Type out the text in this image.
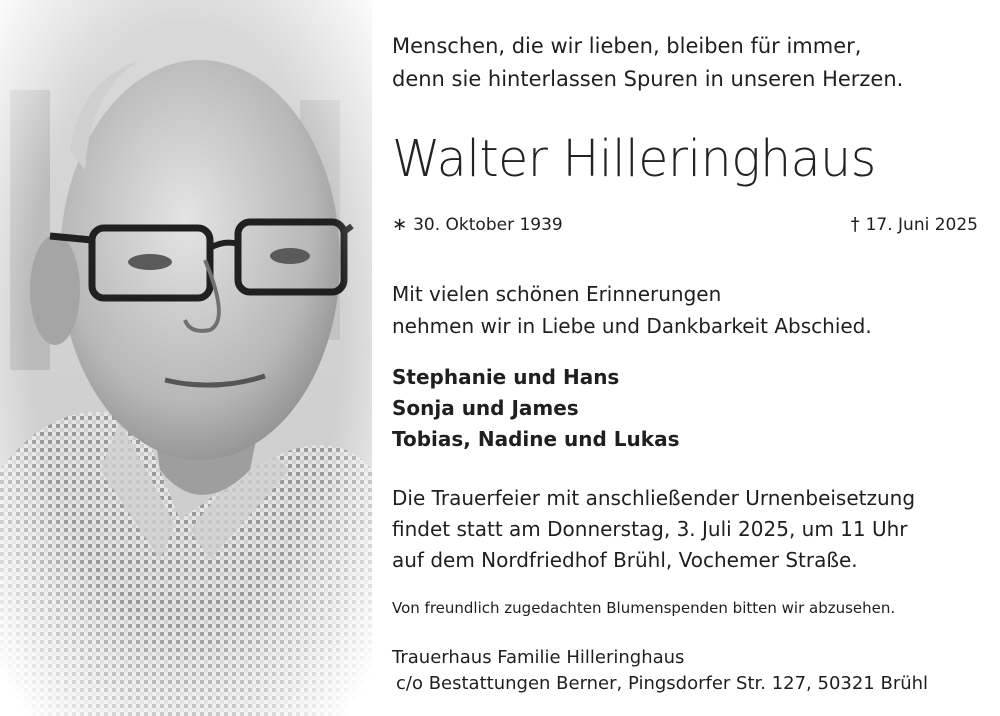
Menschen, die wir lieben, bleiben für immer,
denn sie hinterlassen Spuren in unseren Herzen.
Walter Hilleringhaus
∗ 30. Oktober 1939	† 17. Juni 2025
Mit vielen schönen Erinnerungen
nehmen wir in Liebe und Dankbarkeit Abschied.
Stephanie und Hans
Sonja und James
Tobias, Nadine und Lukas
Die Trauerfeier mit anschließender Urnenbeisetzung
findet statt am Donnerstag, 3. Juli 2025, um 11 Uhr
auf dem Nordfriedhof Brühl, Vochemer Straße.
Von freundlich zugedachten Blumenspenden bitten wir abzusehen.
Trauerhaus Familie Hilleringhaus
c/o Bestattungen Berner, Pingsdorfer Str. 127, 50321 Brühl
